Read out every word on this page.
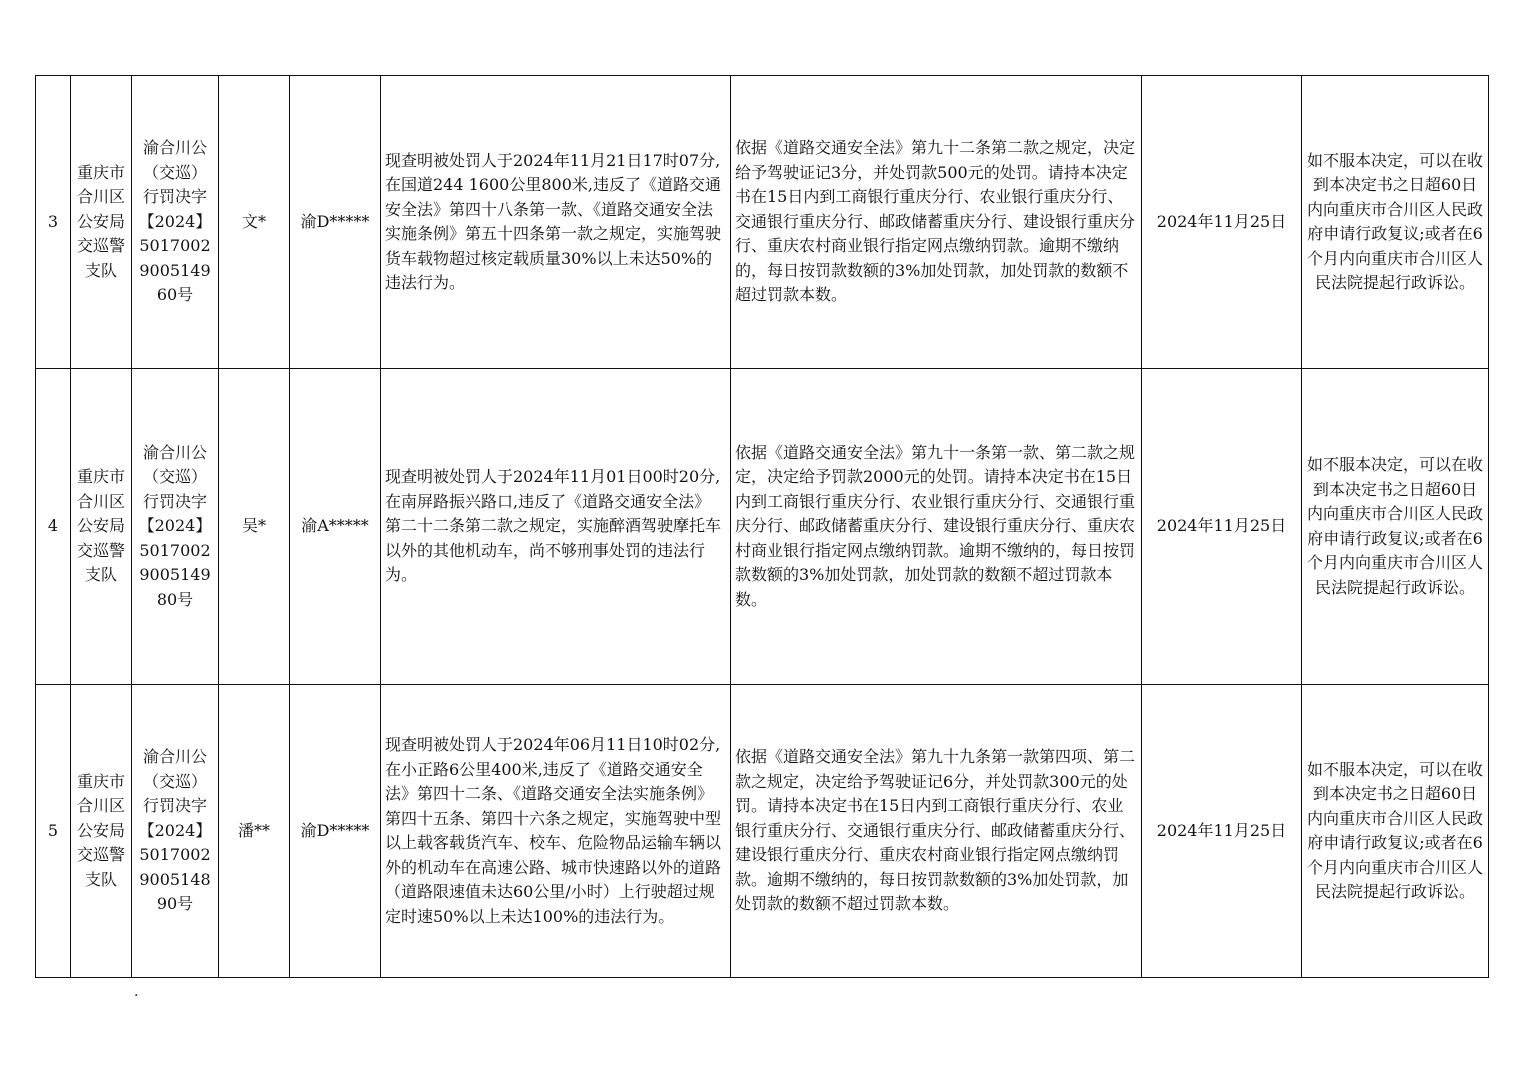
3	重庆市合川区公安局交巡警支队	渝合川公（交巡）行罚决字【2024】5017002900514960号	文*	渝D*****	现查明被处罚人于2024年11月21日17时07分,在国道244 1600公里800米,违反了《道路交通安全法》第四十八条第一款、《道路交通安全法实施条例》第五十四条第一款之规定，实施驾驶货车载物超过核定载质量30%以上未达50%的违法行为。	依据《道路交通安全法》第九十二条第二款之规定，决定给予驾驶证记3分，并处罚款500元的处罚。请持本决定书在15日内到工商银行重庆分行、农业银行重庆分行、交通银行重庆分行、邮政储蓄重庆分行、建设银行重庆分行、重庆农村商业银行指定网点缴纳罚款。逾期不缴纳的，每日按罚款数额的3%加处罚款，加处罚款的数额不超过罚款本数。	2024年11月25日	如不服本决定，可以在收到本决定书之日超60日内向重庆市合川区人民政府申请行政复议;或者在6个月内向重庆市合川区人民法院提起行政诉讼。
4	重庆市合川区公安局交巡警支队	渝合川公（交巡）行罚决字【2024】5017002900514980号	吴*	渝A*****	现查明被处罚人于2024年11月01日00时20分,在南屏路振兴路口,违反了《道路交通安全法》第二十二条第二款之规定，实施醉酒驾驶摩托车以外的其他机动车，尚不够刑事处罚的违法行为。	依据《道路交通安全法》第九十一条第一款、第二款之规定，决定给予罚款2000元的处罚。请持本决定书在15日内到工商银行重庆分行、农业银行重庆分行、交通银行重庆分行、邮政储蓄重庆分行、建设银行重庆分行、重庆农村商业银行指定网点缴纳罚款。逾期不缴纳的，每日按罚款数额的3%加处罚款，加处罚款的数额不超过罚款本数。	2024年11月25日	如不服本决定，可以在收到本决定书之日超60日内向重庆市合川区人民政府申请行政复议;或者在6个月内向重庆市合川区人民法院提起行政诉讼。
5	重庆市合川区公安局交巡警支队	渝合川公（交巡）行罚决字【2024】5017002900514890号	潘**	渝D*****	现查明被处罚人于2024年06月11日10时02分,在小正路6公里400米,违反了《道路交通安全法》第四十二条、《道路交通安全法实施条例》第四十五条、第四十六条之规定，实施驾驶中型以上载客载货汽车、校车、危险物品运输车辆以外的机动车在高速公路、城市快速路以外的道路（道路限速值未达60公里/小时）上行驶超过规定时速50%以上未达100%的违法行为。	依据《道路交通安全法》第九十九条第一款第四项、第二款之规定，决定给予驾驶证记6分，并处罚款300元的处罚。请持本决定书在15日内到工商银行重庆分行、农业银行重庆分行、交通银行重庆分行、邮政储蓄重庆分行、建设银行重庆分行、重庆农村商业银行指定网点缴纳罚款。逾期不缴纳的，每日按罚款数额的3%加处罚款，加处罚款的数额不超过罚款本数。	2024年11月25日	如不服本决定，可以在收到本决定书之日超60日内向重庆市合川区人民政府申请行政复议;或者在6个月内向重庆市合川区人民法院提起行政诉讼。
.
